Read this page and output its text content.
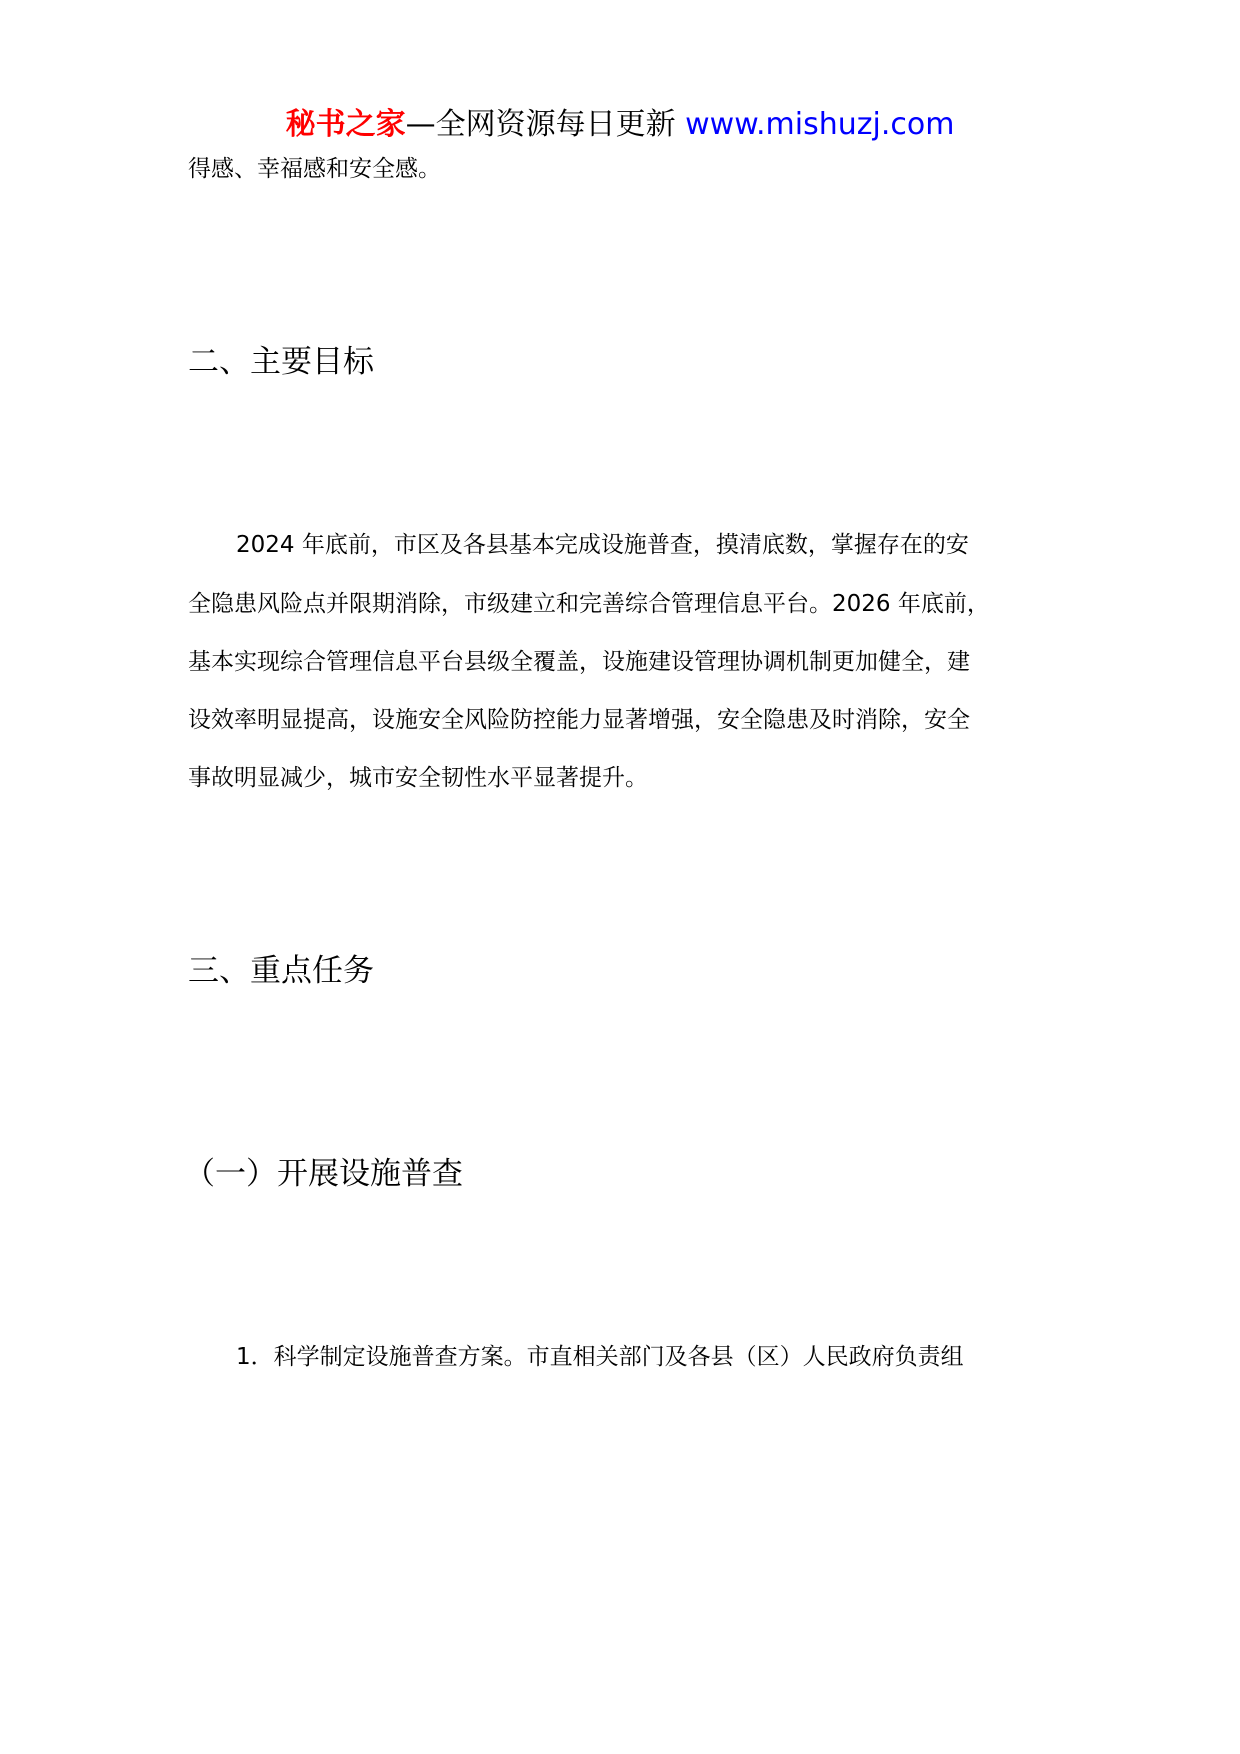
秘书之家—全网资源每日更新 www.mishuzj.com
得感、幸福感和安全感。
二、主要目标
2024 年底前，市区及各县基本完成设施普查，摸清底数，掌握存在的安
全隐患风险点并限期消除，市级建立和完善综合管理信息平台。2026 年底前，
基本实现综合管理信息平台县级全覆盖，设施建设管理协调机制更加健全，建
设效率明显提高，设施安全风险防控能力显著增强，安全隐患及时消除，安全
事故明显减少，城市安全韧性水平显著提升。
三、重点任务
（一）开展设施普查
1．科学制定设施普查方案。市直相关部门及各县（区）人民政府负责组
